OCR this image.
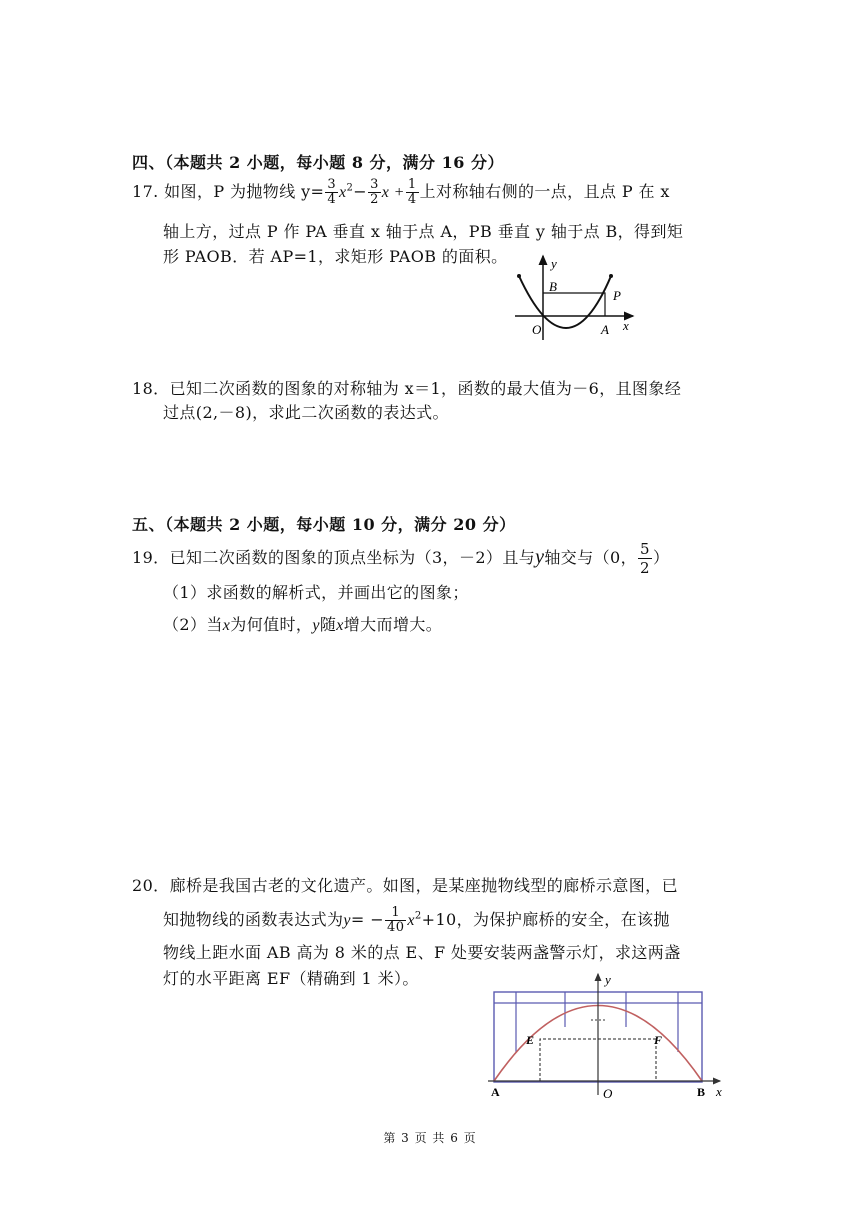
四、（本题共 2 小题，每小题 8 分，满分 16 分）
17. 如图，P 为抛物线 $y= \frac{3}{4} x^2- \frac{3}{2}$ $x + \frac{1}{4}$ 上对称轴右侧的一点，且点 P 在 x
轴上方，过点 P 作 PA 垂直 x 轴于点 A，PB 垂直 y 轴于点 B，得到矩
形 PAOB．若 AP=1，求矩形 PAOB 的面积。	y
B
P
O	A x
18．已知二次函数的图象的对称轴为 x＝1，函数的最大值为－6，且图象经
过点(2,－8)，求此二次函数的表达式。
五、（本题共 2 小题，每小题 10 分，满分 20 分）
19．已知二次函数的图象的顶点坐标为（3，－2）且与y轴交与（0， $\frac{5}{2}$ ）
（1）求函数的解析式，并画出它的图象；
（2）当x为何值时，y随x增大而增大。
20．廊桥是我国古老的文化遗产。如图，是某座抛物线型的廊桥示意图，已
知抛物线的函数表达式为$y= - \frac{1}{40} x^2+10$，为保护廊桥的安全，在该抛
物线上距水面 AB 高为 8 米的点 E、F 处要安装两盏警示灯，求这两盏
灯的水平距离 EF（精确到 1 米）。
E	F
A	O	B
y
x
第 3 页 共 6 页
